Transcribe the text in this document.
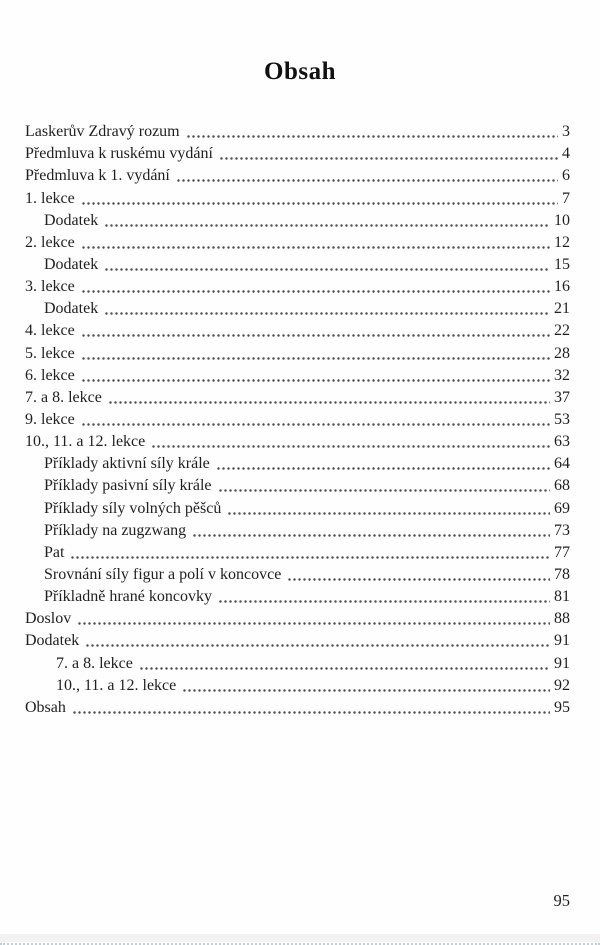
Obsah
Laskerův Zdravý rozum	3
Předmluva k ruskému vydání	4
Předmluva k 1. vydání	6
1. lekce	7
Dodatek	10
2. lekce	12
Dodatek	15
3. lekce	16
Dodatek	21
4. lekce	22
5. lekce	28
6. lekce	32
7. a 8. lekce	37
9. lekce	53
10., 11. a 12. lekce	63
Příklady aktivní síly krále	64
Příklady pasivní síly krále	68
Příklady síly volných pěšců	69
Příklady na zugzwang	73
Pat	77
Srovnání síly figur a polí v koncovce	78
Příkladně hrané koncovky	81
Doslov	88
Dodatek	91
7. a 8. lekce	91
10., 11. a 12. lekce	92
Obsah	95
95
